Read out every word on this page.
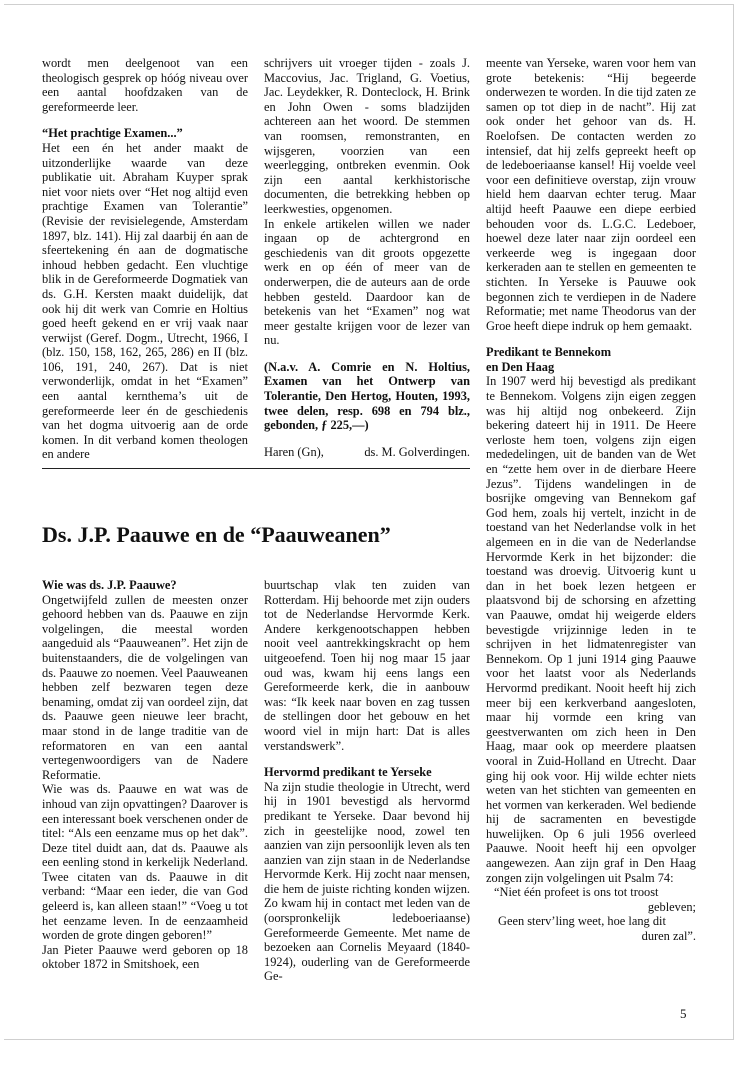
wordt men deelgenoot van een theologisch gesprek op hóóg niveau over een aantal hoofdzaken van de gereformeerde leer.

“Het prachtige Examen...”

Het een én het ander maakt de uitzonderlijke waarde van deze publikatie uit. Abraham Kuyper sprak niet voor niets over “Het nog altijd even prachtige Examen van Tolerantie” (Revisie der revisielegende, Amsterdam 1897, blz. 141). Hij zal daarbij én aan de sfeertekening én aan de dogmatische inhoud hebben gedacht. Een vluchtige blik in de Gereformeerde Dogmatiek van ds. G.H. Kersten maakt duidelijk, dat ook hij dit werk van Comrie en Holtius goed heeft gekend en er vrij vaak naar verwijst (Geref. Dogm., Utrecht, 1966, I (blz. 150, 158, 162, 265, 286) en II (blz. 106, 191, 240, 267). Dat is niet verwonderlijk, omdat in het “Examen” een aantal kernthema’s uit de gereformeerde leer én de geschiedenis van het dogma uitvoerig aan de orde komen. In dit verband komen theologen en andere

schrijvers uit vroeger tijden - zoals J. Maccovius, Jac. Trigland, G. Voetius, Jac. Leydekker, R. Donteclock, H. Brink en John Owen - soms bladzijden achtereen aan het woord. De stemmen van roomsen, remonstranten, en wijsgeren, voorzien van een weerlegging, ontbreken evenmin. Ook zijn een aantal kerkhistorische documenten, die betrekking hebben op leerkwesties, opgenomen.

In enkele artikelen willen we nader ingaan op de achtergrond en geschiedenis van dit groots opgezette werk en op één of meer van de onderwerpen, die de auteurs aan de orde hebben gesteld. Daardoor kan de betekenis van het “Examen” nog wat meer gestalte krijgen voor de lezer van nu.

(N.a.v. A. Comrie en N. Holtius, Examen van het Ontwerp van Tolerantie, Den Hertog, Houten, 1993, twee delen, resp. 698 en 794 blz., gebonden, ƒ 225,—)

Haren (Gn),	ds. M. Golverdingen.

meente van Yerseke, waren voor hem van grote betekenis: “Hij begeerde onderwezen te worden. In die tijd zaten ze samen op tot diep in de nacht”. Hij zat ook onder het gehoor van ds. H. Roelofsen. De contacten werden zo intensief, dat hij zelfs gepreekt heeft op de ledeboeriaanse kansel! Hij voelde veel voor een definitieve overstap, zijn vrouw hield hem daarvan echter terug. Maar altijd heeft Paauwe een diepe eerbied behouden voor ds. L.G.C. Ledeboer, hoewel deze later naar zijn oordeel een verkeerde weg is ingegaan door kerkeraden aan te stellen en gemeenten te stichten. In Yerseke is Pauuwe ook begonnen zich te verdiepen in de Nadere Reformatie; met name Theodorus van der Groe heeft diepe indruk op hem gemaakt.

Predikant te Bennekom
en Den Haag

In 1907 werd hij bevestigd als predikant te Bennekom. Volgens zijn eigen zeggen was hij altijd nog onbekeerd. Zijn bekering dateert hij in 1911. De Heere verloste hem toen, volgens zijn eigen mededelingen, uit de banden van de Wet en “zette hem over in de dierbare Heere Jezus”. Tijdens wandelingen in de bosrijke omgeving van Bennekom gaf God hem, zoals hij vertelt, inzicht in de toestand van het Nederlandse volk in het algemeen en in die van de Nederlandse Hervormde Kerk in het bijzonder: die toestand was droevig. Uitvoerig kunt u dan in het boek lezen hetgeen er plaatsvond bij de schorsing en afzetting van Paauwe, omdat hij weigerde elders bevestigde vrijzinnige leden in te schrijven in het lidmatenregister van Bennekom. Op 1 juni 1914 ging Paauwe voor het laatst voor als Nederlands Hervormd predikant. Nooit heeft hij zich meer bij een kerkverband aangesloten, maar hij vormde een kring van geestverwanten om zich heen in Den Haag, maar ook op meerdere plaatsen vooral in Zuid-Holland en Utrecht. Daar ging hij ook voor. Hij wilde echter niets weten van het stichten van gemeenten en het vormen van kerkeraden. Wel bediende hij de sacramenten en bevestigde huwelijken. Op 6 juli 1956 overleed Paauwe. Nooit heeft hij een opvolger aangewezen. Aan zijn graf in Den Haag zongen zijn volgelingen uit Psalm 74:

“Niet één profeet is ons tot troost
gebleven;
Geen sterv’ling weet, hoe lang dit
duren zal”.
Ds. J.P. Paauwe en de “Paauweanen”
Wie was ds. J.P. Paauwe?

Ongetwijfeld zullen de meesten onzer gehoord hebben van ds. Paauwe en zijn volgelingen, die meestal worden aangeduid als “Paauweanen”. Het zijn de buitenstaanders, die de volgelingen van ds. Paauwe zo noemen. Veel Paauweanen hebben zelf bezwaren tegen deze benaming, omdat zij van oordeel zijn, dat ds. Paauwe geen nieuwe leer bracht, maar stond in de lange traditie van de reformatoren en van een aantal vertegenwoordigers van de Nadere Reformatie.

Wie was ds. Paauwe en wat was de inhoud van zijn opvattingen? Daarover is een interessant boek verschenen onder de titel: “Als een eenzame mus op het dak”. Deze titel duidt aan, dat ds. Paauwe als een eenling stond in kerkelijk Nederland. Twee citaten van ds. Paauwe in dit verband: “Maar een ieder, die van God geleerd is, kan alleen staan!” “Voeg u tot het eenzame leven. In de eenzaamheid worden de grote dingen geboren!”

Jan Pieter Paauwe werd geboren op 18 oktober 1872 in Smitshoek, een

buurtschap vlak ten zuiden van Rotterdam. Hij behoorde met zijn ouders tot de Nederlandse Hervormde Kerk. Andere kerkgenootschappen hebben nooit veel aantrekkingskracht op hem uitgeoefend. Toen hij nog maar 15 jaar oud was, kwam hij eens langs een Gereformeerde kerk, die in aanbouw was: “Ik keek naar boven en zag tussen de stellingen door het gebouw en het woord viel in mijn hart: Dat is alles verstandswerk”.

Hervormd predikant te Yerseke

Na zijn studie theologie in Utrecht, werd hij in 1901 bevestigd als hervormd predikant te Yerseke. Daar bevond hij zich in geestelijke nood, zowel ten aanzien van zijn persoonlijk leven als ten aanzien van zijn staan in de Nederlandse Hervormde Kerk. Hij zocht naar mensen, die hem de juiste richting konden wijzen. Zo kwam hij in contact met leden van de (oorspronkelijk ledeboeriaanse) Gereformeerde Gemeente. Met name de bezoeken aan Cornelis Meyaard (1840-1924), ouderling van de Gereformeerde Ge-

5
